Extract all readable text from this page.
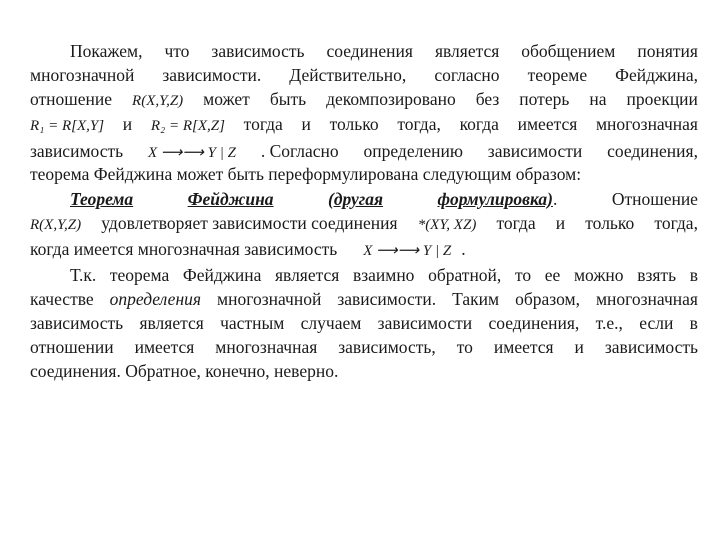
Покажем, что зависимость соединения является обобщением понятия
многозначной зависимости. Действительно, согласно теореме Фейджина,
отношение R(X,Y,Z) может быть декомпозировано без потерь на проекции
R₁ = R[X,Y] и R₂ = R[X,Z] тогда и только тогда, когда имеется многозначная
зависимость X ⟶⟶ Y | Z . Согласно определению зависимости соединения,
теорема Фейджина может быть переформулирована следующим образом:
Теорема	Фейджина	(другая	формулировка).	Отношение
R(X,Y,Z) удовлетворяет зависимости соединения *(XY, XZ) тогда и только тогда,
когда имеется многозначная зависимость X ⟶⟶ Y | Z .
Т.к. теорема Фейджина является взаимно обратной, то ее можно взять в
качестве определения многозначной зависимости. Таким образом, многозначная
зависимость является частным случаем зависимости соединения, т.е., если в
отношении имеется многозначная зависимость, то имеется и зависимость
соединения. Обратное, конечно, неверно.
